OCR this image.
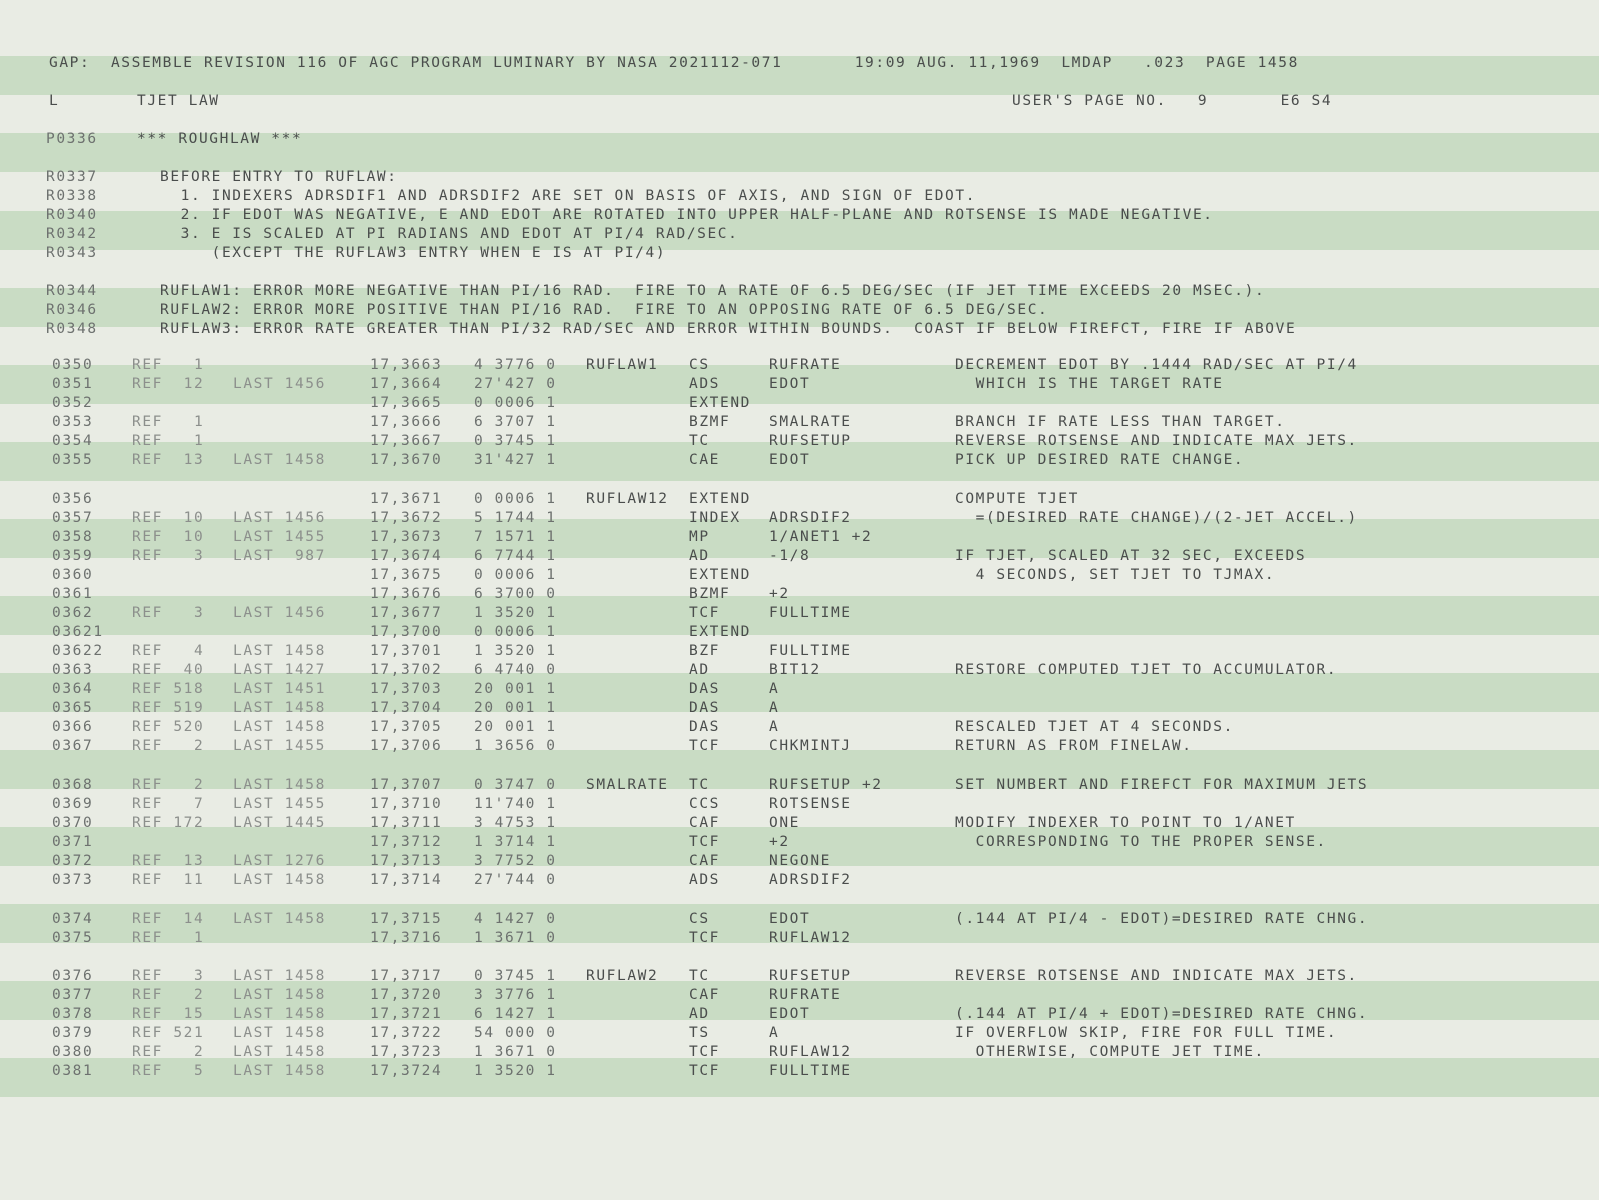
GAP:  ASSEMBLE REVISION 116 OF AGC PROGRAM LUMINARY BY NASA 2021112-071       19:09 AUG. 11,1969  LMDAP   .023  PAGE 1458
L	TJET LAW	USER'S PAGE NO.   9       E6 S4
P0336	*** ROUGHLAW ***
R0337	BEFORE ENTRY TO RUFLAW:
R0338	1. INDEXERS ADRSDIF1 AND ADRSDIF2 ARE SET ON BASIS OF AXIS, AND SIGN OF EDOT.
R0340	2. IF EDOT WAS NEGATIVE, E AND EDOT ARE ROTATED INTO UPPER HALF-PLANE AND ROTSENSE IS MADE NEGATIVE.
R0342	3. E IS SCALED AT PI RADIANS AND EDOT AT PI/4 RAD/SEC.
R0343	(EXCEPT THE RUFLAW3 ENTRY WHEN E IS AT PI/4)
R0344	RUFLAW1: ERROR MORE NEGATIVE THAN PI/16 RAD.  FIRE TO A RATE OF 6.5 DEG/SEC (IF JET TIME EXCEEDS 20 MSEC.).
R0346	RUFLAW2: ERROR MORE POSITIVE THAN PI/16 RAD.  FIRE TO AN OPPOSING RATE OF 6.5 DEG/SEC.
R0348	RUFLAW3: ERROR RATE GREATER THAN PI/32 RAD/SEC AND ERROR WITHIN BOUNDS.  COAST IF BELOW FIREFCT, FIRE IF ABOVE
0350	REF   1	17,3663 4 3776 0 RUFLAW1 CS	RUFRATE	DECREMENT EDOT BY .1444 RAD/SEC AT PI/4
0351	REF  12 LAST 1456	17,3664 27'427 0	ADS	EDOT	WHICH IS THE TARGET RATE
0352	17,3665 0 0006 1	EXTEND
0353	REF   1	17,3666 6 3707 1	BZMF	SMALRATE	BRANCH IF RATE LESS THAN TARGET.
0354	REF   1	17,3667 0 3745 1	TC	RUFSETUP	REVERSE ROTSENSE AND INDICATE MAX JETS.
0355	REF  13 LAST 1458	17,3670 31'427 1	CAE	EDOT	PICK UP DESIRED RATE CHANGE.
0356	17,3671 0 0006 1 RUFLAW12 EXTEND	COMPUTE TJET
0357	REF  10 LAST 1456	17,3672 5 1744 1	INDEX ADRSDIF2	=(DESIRED RATE CHANGE)/(2-JET ACCEL.)
0358	REF  10 LAST 1455	17,3673 7 1571 1	MP	1/ANET1 +2
0359	REF   3 LAST  987	17,3674 6 7744 1	AD	-1/8	IF TJET, SCALED AT 32 SEC, EXCEEDS
0360	17,3675 0 0006 1	EXTEND	4 SECONDS, SET TJET TO TJMAX.
0361	17,3676 6 3700 0	BZMF	+2
0362	REF   3 LAST 1456	17,3677 1 3520 1	TCF	FULLTIME
03621	17,3700 0 0006 1	EXTEND
03622 REF   4 LAST 1458	17,3701 1 3520 1	BZF	FULLTIME
0363	REF  40 LAST 1427	17,3702 6 4740 0	AD	BIT12	RESTORE COMPUTED TJET TO ACCUMULATOR.
0364	REF 518 LAST 1451	17,3703 20 001 1	DAS	A
0365	REF 519 LAST 1458	17,3704 20 001 1	DAS	A
0366	REF 520 LAST 1458	17,3705 20 001 1	DAS	A	RESCALED TJET AT 4 SECONDS.
0367	REF   2 LAST 1455	17,3706 1 3656 0	TCF	CHKMINTJ	RETURN AS FROM FINELAW.
0368	REF   2 LAST 1458	17,3707 0 3747 0 SMALRATE TC	RUFSETUP +2	SET NUMBERT AND FIREFCT FOR MAXIMUM JETS
0369	REF   7 LAST 1455	17,3710 11'740 1	CCS	ROTSENSE
0370	REF 172 LAST 1445	17,3711 3 4753 1	CAF	ONE	MODIFY INDEXER TO POINT TO 1/ANET
0371	17,3712 1 3714 1	TCF	+2	CORRESPONDING TO THE PROPER SENSE.
0372	REF  13 LAST 1276	17,3713 3 7752 0	CAF	NEGONE
0373	REF  11 LAST 1458	17,3714 27'744 0	ADS	ADRSDIF2
0374	REF  14 LAST 1458	17,3715 4 1427 0	CS	EDOT	(.144 AT PI/4 - EDOT)=DESIRED RATE CHNG.
0375	REF   1	17,3716 1 3671 0	TCF	RUFLAW12
0376	REF   3 LAST 1458	17,3717 0 3745 1 RUFLAW2 TC	RUFSETUP	REVERSE ROTSENSE AND INDICATE MAX JETS.
0377	REF   2 LAST 1458	17,3720 3 3776 1	CAF	RUFRATE
0378	REF  15 LAST 1458	17,3721 6 1427 1	AD	EDOT	(.144 AT PI/4 + EDOT)=DESIRED RATE CHNG.
0379	REF 521 LAST 1458	17,3722 54 000 0	TS	A	IF OVERFLOW SKIP, FIRE FOR FULL TIME.
0380	REF   2 LAST 1458	17,3723 1 3671 0	TCF	RUFLAW12	OTHERWISE, COMPUTE JET TIME.
0381	REF   5 LAST 1458	17,3724 1 3520 1	TCF	FULLTIME
